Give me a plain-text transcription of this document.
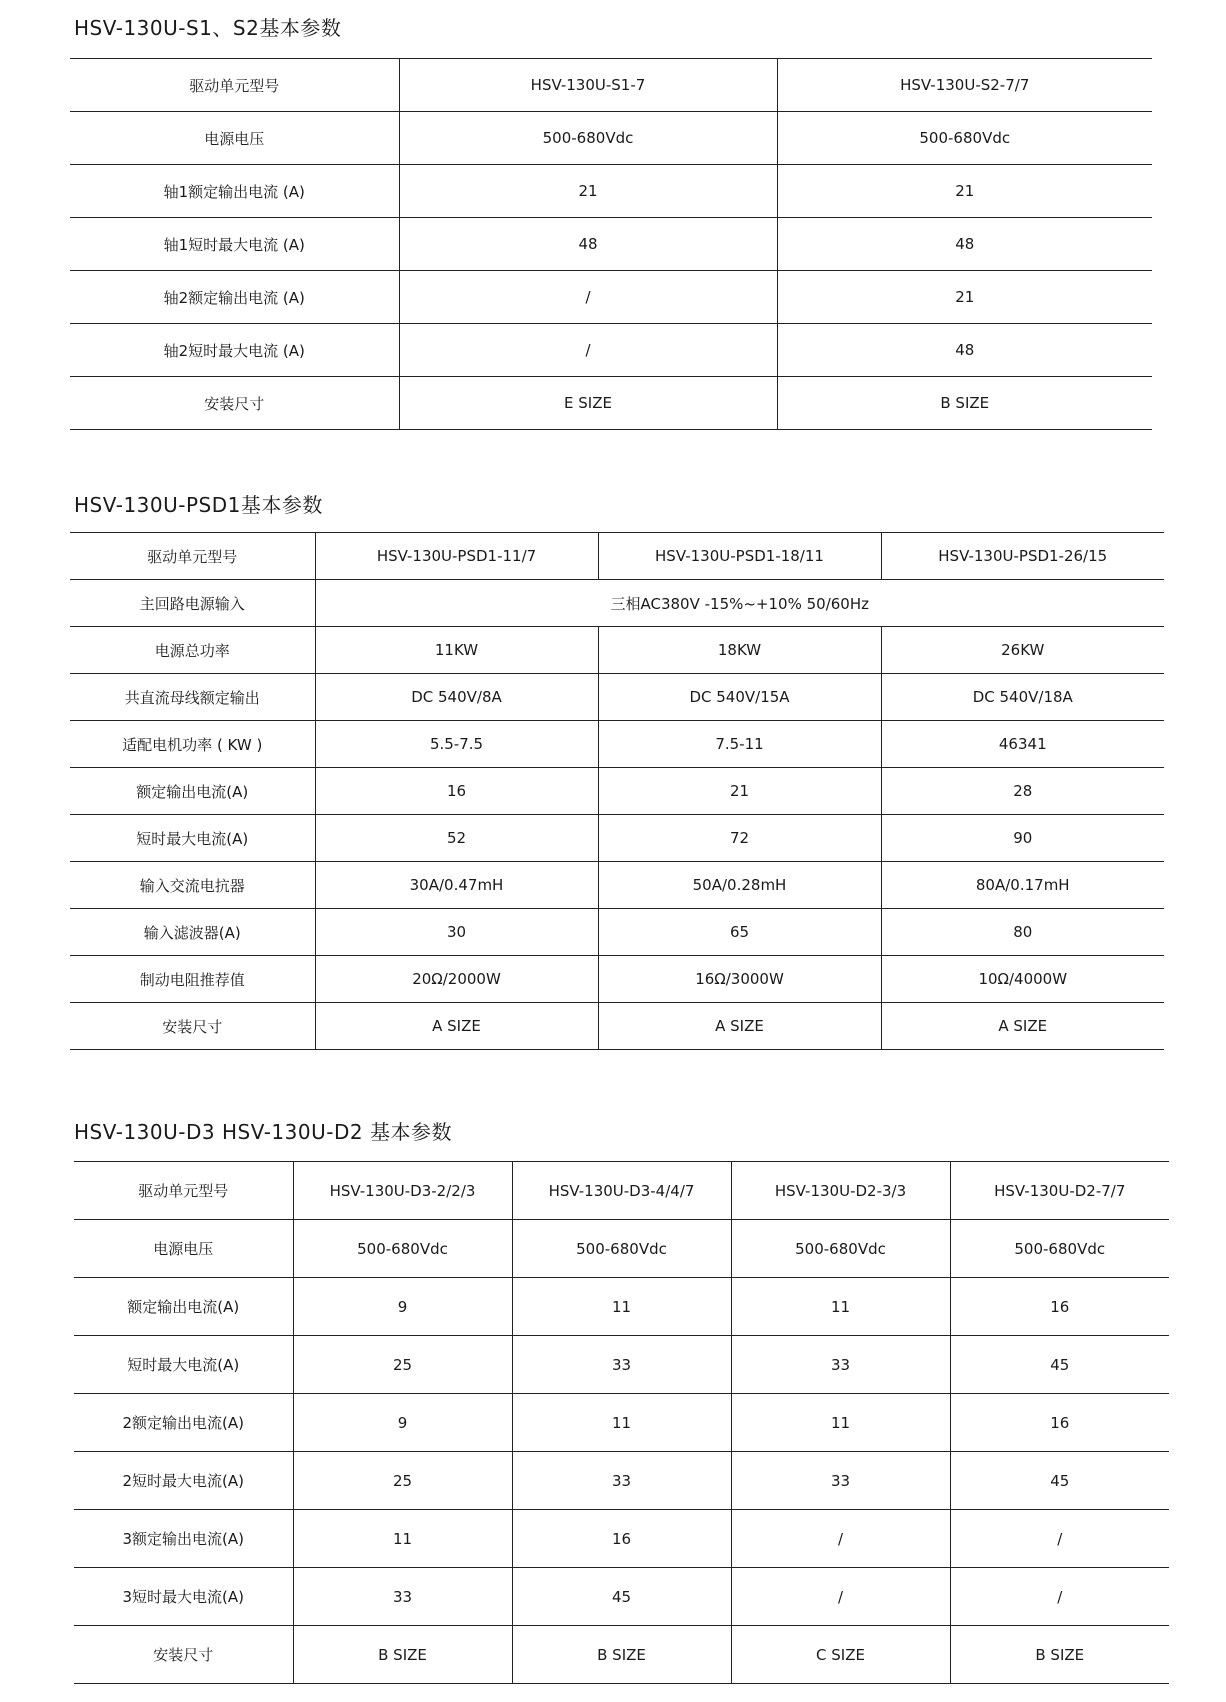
HSV-130U-S1、S2基本参数
驱动单元型号	HSV-130U-S1-7	HSV-130U-S2-7/7
电源电压	500-680Vdc	500-680Vdc
轴1额定输出电流 (A)	21	21
轴1短时最大电流 (A)	48	48
轴2额定输出电流 (A)	/	21
轴2短时最大电流 (A)	/	48
安装尺寸	E SIZE	B SIZE
HSV-130U-PSD1基本参数
驱动单元型号	HSV-130U-PSD1-11/7	HSV-130U-PSD1-18/11	HSV-130U-PSD1-26/15
主回路电源输入	三相AC380V -15%~+10% 50/60Hz		
电源总功率	11KW	18KW	26KW
共直流母线额定输出	DC 540V/8A	DC 540V/15A	DC 540V/18A
适配电机功率 ( KW )	5.5-7.5	7.5-11	46341
额定输出电流(A)	16	21	28
短时最大电流(A)	52	72	90
输入交流电抗器	30A/0.47mH	50A/0.28mH	80A/0.17mH
输入滤波器(A)	30	65	80
制动电阻推荐值	20Ω/2000W	16Ω/3000W	10Ω/4000W
安装尺寸	A SIZE	A SIZE	A SIZE
HSV-130U-D3 HSV-130U-D2 基本参数
驱动单元型号	HSV-130U-D3-2/2/3	HSV-130U-D3-4/4/7	HSV-130U-D2-3/3	HSV-130U-D2-7/7
电源电压	500-680Vdc	500-680Vdc	500-680Vdc	500-680Vdc
额定输出电流(A)	9	11	11	16
短时最大电流(A)	25	33	33	45
2额定输出电流(A)	9	11	11	16
2短时最大电流(A)	25	33	33	45
3额定输出电流(A)	11	16	/	/
3短时最大电流(A)	33	45	/	/
安装尺寸	B SIZE	B SIZE	C SIZE	B SIZE
